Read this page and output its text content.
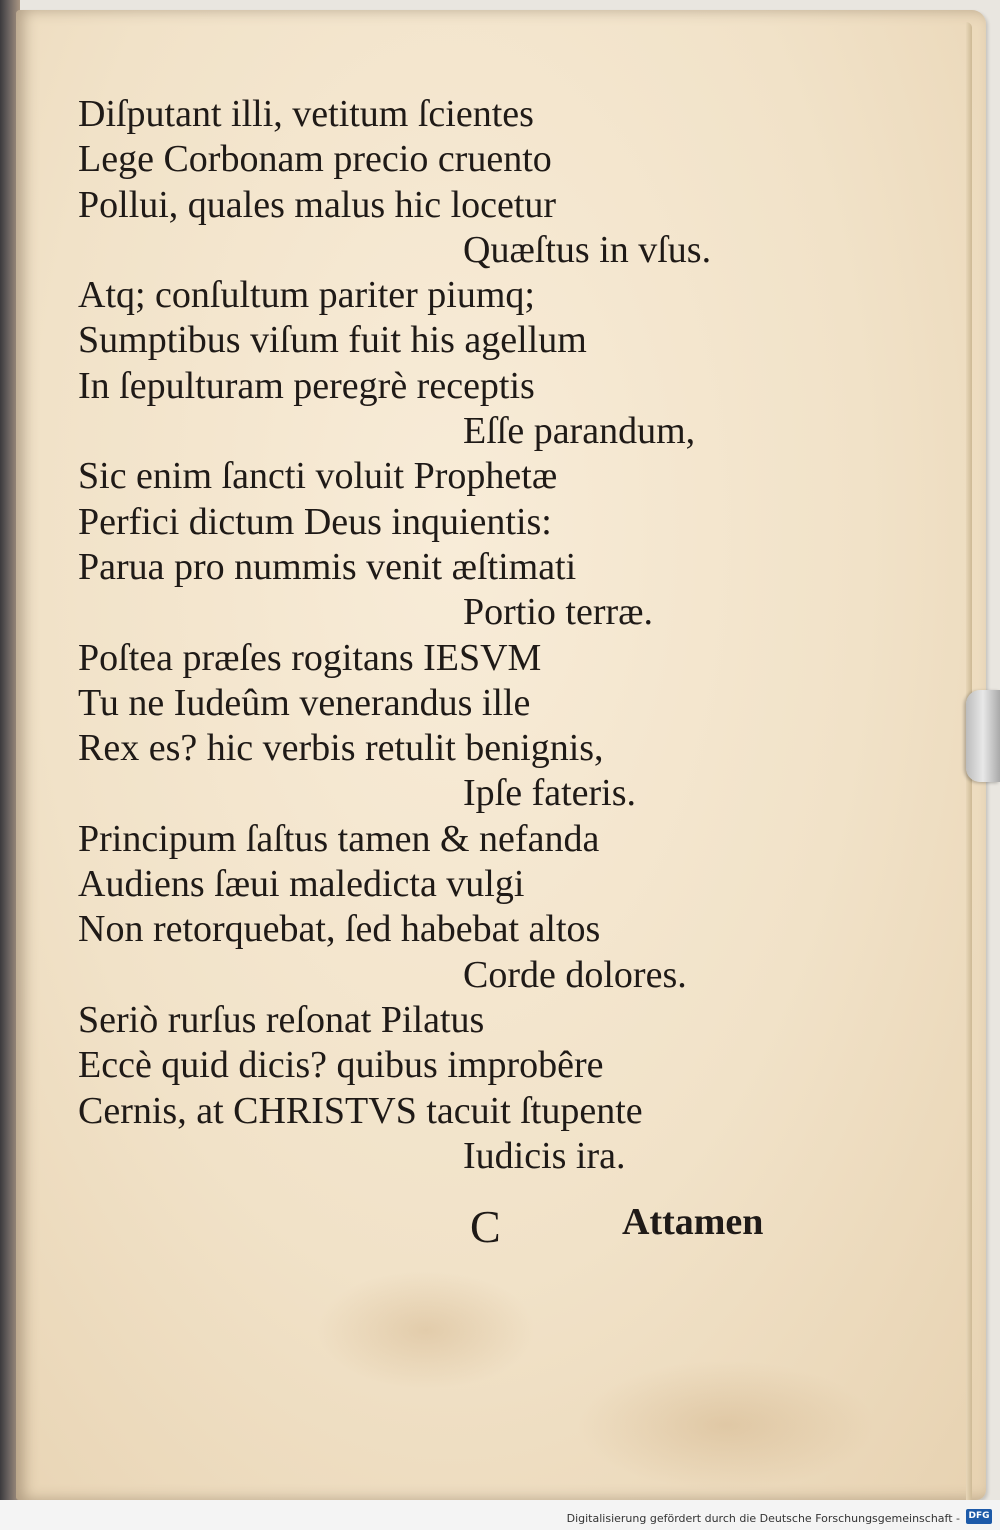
Diſputant illi, vetitum ſcientes
Lege Corbonam precio cruento
Pollui, quales malus hic locetur
Quæſtus in vſus.
Atq; conſultum pariter piumq;
Sumptibus viſum fuit his agellum
In ſepulturam peregrè receptis
Eſſe parandum,
Sic enim ſancti voluit Prophetæ
Perfici dictum Deus inquientis:
Parua pro nummis venit æſtimati
Portio terræ.
Poſtea præſes rogitans IESVM
Tu ne Iudeûm venerandus ille
Rex es? hic verbis retulit benignis,
Ipſe fateris.
Principum ſaſtus tamen & nefanda
Audiens ſæui maledicta vulgi
Non retorquebat, ſed habebat altos
Corde dolores.
Seriò rurſus reſonat Pilatus
Eccè quid dicis? quibus improbêre
Cernis, at CHRISTVS tacuit ſtupente
Iudicis ira.
C	Attamen
Digitalisierung gefördert durch die Deutsche Forschungsgemeinschaft - DFG
